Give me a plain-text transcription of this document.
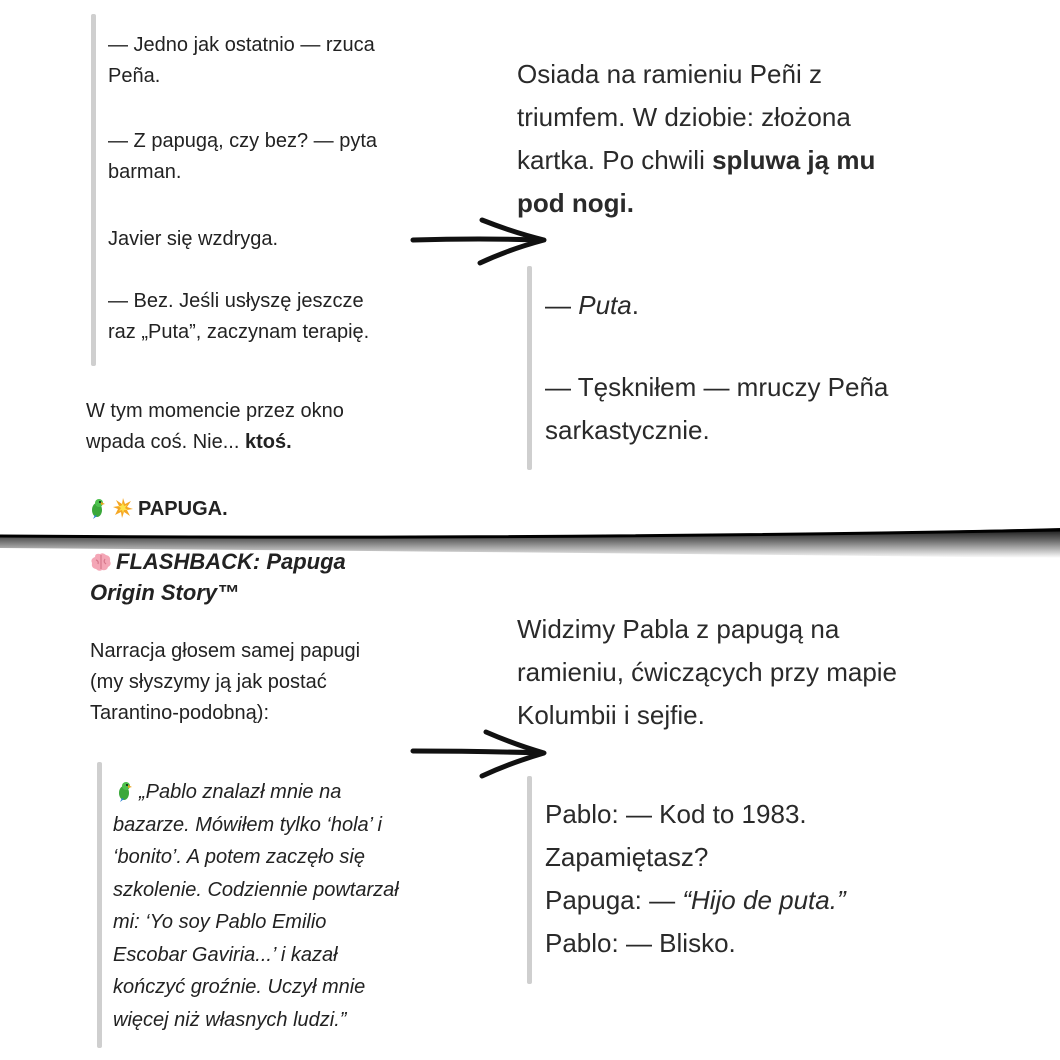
— Jedno jak ostatnio — rzuca
Peña.
— Z papugą, czy bez? — pyta
barman.
Javier się wzdryga.
— Bez. Jeśli usłyszę jeszcze
raz „Puta”, zaczynam terapię.
W tym momencie przez okno
wpada coś. Nie... ktoś.
PAPUGA.
Osiada na ramieniu Peñi z
triumfem. W dziobie: złożona
kartka. Po chwili spluwa ją mu
pod nogi.
— Puta.
— Tęskniłem — mruczy Peña
sarkastycznie.
FLASHBACK: Papuga
Origin Story™
Narracja głosem samej papugi
(my słyszymy ją jak postać
Tarantino-podobną):
„Pablo znalazł mnie na
bazarze. Mówiłem tylko ‘hola’ i
‘bonito’. A potem zaczęło się
szkolenie. Codziennie powtarzał
mi: ‘Yo soy Pablo Emilio
Escobar Gaviria...’ i kazał
kończyć groźnie. Uczył mnie
więcej niż własnych ludzi.”
Widzimy Pabla z papugą na
ramieniu, ćwiczących przy mapie
Kolumbii i sejfie.
Pablo: — Kod to 1983.
Zapamiętasz?
Papuga: — “Hijo de puta.”
Pablo: — Blisko.
